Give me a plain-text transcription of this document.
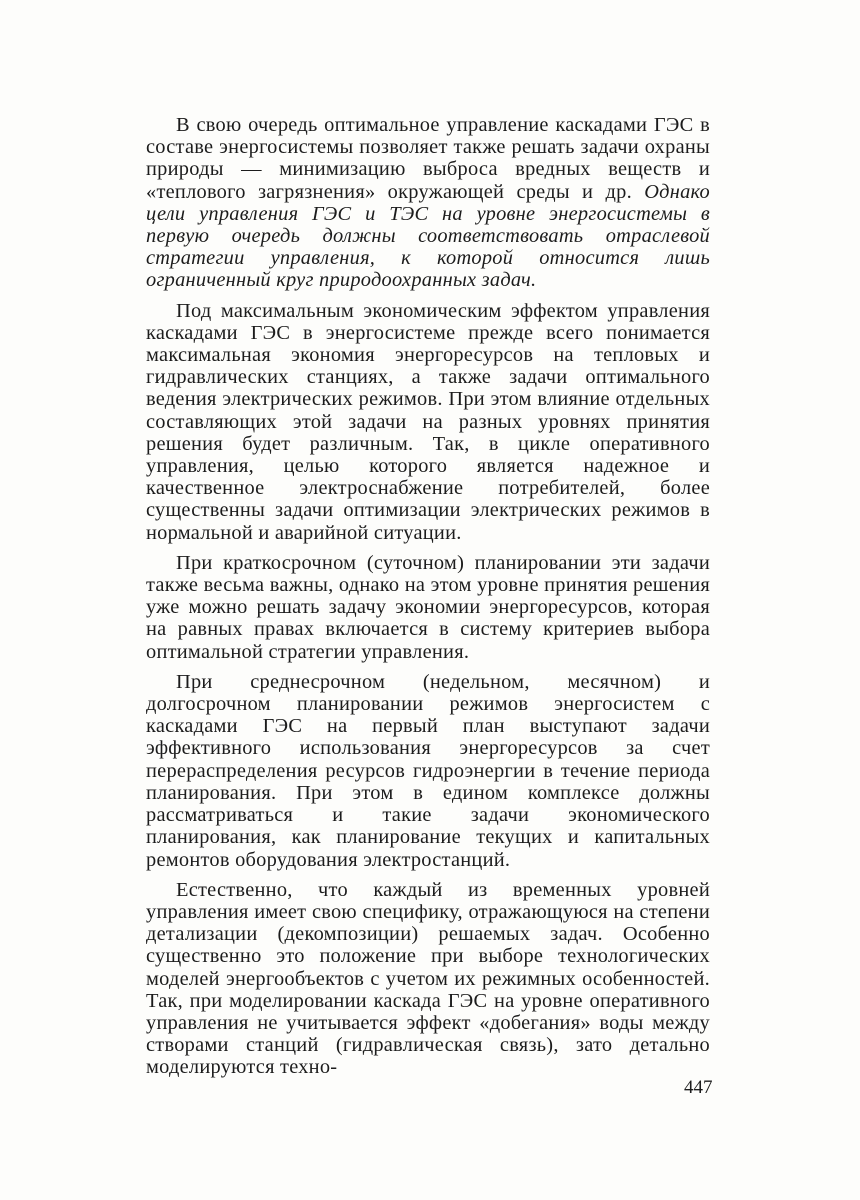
В свою очередь оптимальное управление каскадами ГЭС в составе энергосистемы позволяет также решать задачи охраны природы — минимизацию выброса вредных веществ и «теплового загрязнения» окружающей среды и др. Однако цели управления ГЭС и ТЭС на уровне энергосистемы в первую очередь должны соответствовать отраслевой стратегии управления, к которой относится лишь ограниченный круг природоохранных задач.

Под максимальным экономическим эффектом управления каскадами ГЭС в энергосистеме прежде всего понимается максимальная экономия энергоресурсов на тепловых и гидравлических станциях, а также задачи оптимального ведения электрических режимов. При этом влияние отдельных составляющих этой задачи на разных уровнях принятия решения будет различным. Так, в цикле оперативного управления, целью которого является надежное и качественное электроснабжение потребителей, более существенны задачи оптимизации электрических режимов в нормальной и аварийной ситуации.

При краткосрочном (суточном) планировании эти задачи также весьма важны, однако на этом уровне принятия решения уже можно решать задачу экономии энергоресурсов, которая на равных правах включается в систему критериев выбора оптимальной стратегии управления.

При среднесрочном (недельном, месячном) и долгосрочном планировании режимов энергосистем с каскадами ГЭС на первый план выступают задачи эффективного использования энергоресурсов за счет перераспределения ресурсов гидроэнергии в течение периода планирования. При этом в едином комплексе должны рассматриваться и такие задачи экономического планирования, как планирование текущих и капитальных ремонтов оборудования электростанций.

Естественно, что каждый из временных уровней управления имеет свою специфику, отражающуюся на степени детализации (декомпозиции) решаемых задач. Особенно существенно это положение при выборе технологических моделей энергообъектов с учетом их режимных особенностей. Так, при моделировании каскада ГЭС на уровне оперативного управления не учитывается эффект «добегания» воды между створами станций (гидравлическая связь), зато детально моделируются техно-

447
